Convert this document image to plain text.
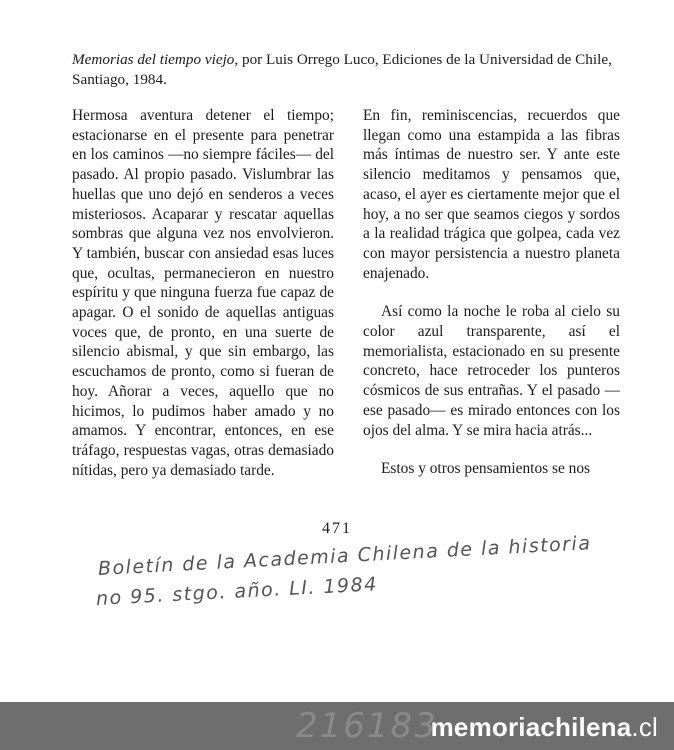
Memorias del tiempo viejo, por Luis Orrego Luco, Ediciones de la Universidad de Chile, Santiago, 1984.

Hermosa aventura detener el tiempo; estacionarse en el presente para penetrar en los caminos —no siempre fáciles— del pasado. Al propio pasado. Vislumbrar las huellas que uno dejó en senderos a veces misteriosos. Acaparar y rescatar aquellas sombras que alguna vez nos envolvieron. Y también, buscar con ansiedad esas luces que, ocultas, permanecieron en nuestro espíritu y que ninguna fuerza fue capaz de apagar. O el sonido de aquellas antiguas voces que, de pronto, en una suerte de silencio abismal, y que sin embargo, las escuchamos de pronto, como si fueran de hoy. Añorar a veces, aquello que no hicimos, lo pudimos haber amado y no amamos. Y encontrar, entonces, en ese tráfago, respuestas vagas, otras demasiado nítidas, pero ya demasiado tarde.

En fin, reminiscencias, recuerdos que llegan como una estampida a las fibras más íntimas de nuestro ser. Y ante este silencio meditamos y pensamos que, acaso, el ayer es ciertamente mejor que el hoy, a no ser que seamos ciegos y sordos a la realidad trágica que golpea, cada vez con mayor persistencia a nuestro planeta enajenado.

Así como la noche le roba al cielo su color azul transparente, así el memorialista, estacionado en su presente concreto, hace retroceder los punteros cósmicos de sus entrañas. Y el pasado —ese pasado— es mirado entonces con los ojos del alma. Y se mira hacia atrás...

Estos y otros pensamientos se nos

471
Boletín de la Academia Chilena de la historia
no 95. stgo. año. LI. 1984
216183
memoriachilena.cl
